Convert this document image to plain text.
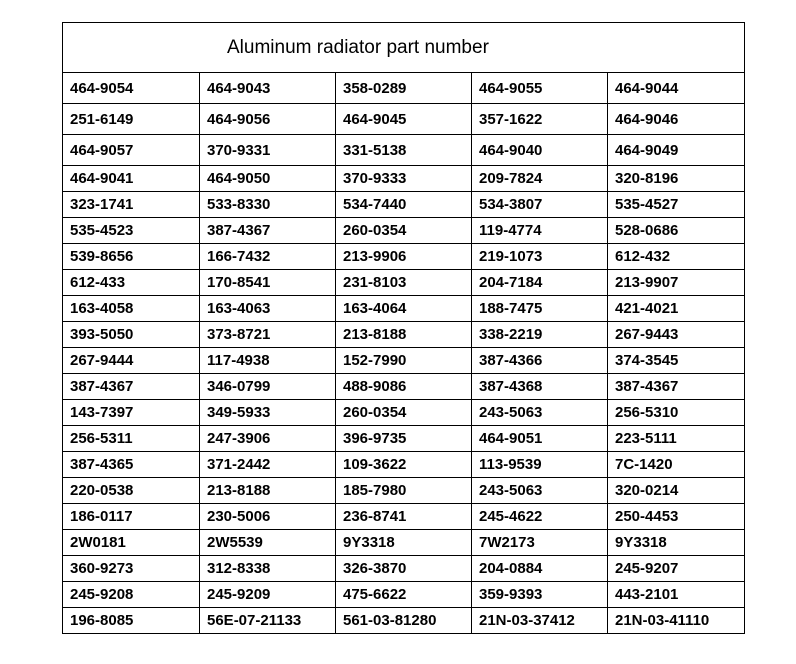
Aluminum radiator part number				
464-9054	464-9043	358-0289	464-9055	464-9044
251-6149	464-9056	464-9045	357-1622	464-9046
464-9057	370-9331	331-5138	464-9040	464-9049
464-9041	464-9050	370-9333	209-7824	320-8196
323-1741	533-8330	534-7440	534-3807	535-4527
535-4523	387-4367	260-0354	119-4774	528-0686
539-8656	166-7432	213-9906	219-1073	612-432
612-433	170-8541	231-8103	204-7184	213-9907
163-4058	163-4063	163-4064	188-7475	421-4021
393-5050	373-8721	213-8188	338-2219	267-9443
267-9444	117-4938	152-7990	387-4366	374-3545
387-4367	346-0799	488-9086	387-4368	387-4367
143-7397	349-5933	260-0354	243-5063	256-5310
256-5311	247-3906	396-9735	464-9051	223-5111
387-4365	371-2442	109-3622	113-9539	7C-1420
220-0538	213-8188	185-7980	243-5063	320-0214
186-0117	230-5006	236-8741	245-4622	250-4453
2W0181	2W5539	9Y3318	7W2173	9Y3318
360-9273	312-8338	326-3870	204-0884	245-9207
245-9208	245-9209	475-6622	359-9393	443-2101
196-8085	56E-07-21133	561-03-81280	21N-03-37412	21N-03-41110
